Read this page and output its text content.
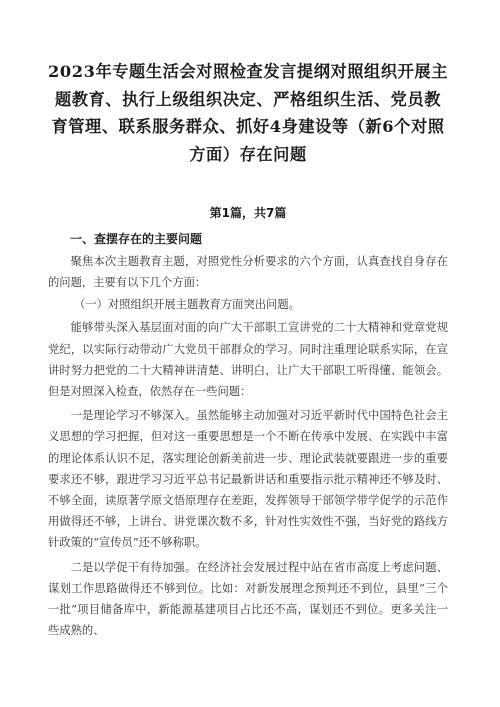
2023年专题生活会对照检查发言提纲对照组织开展主题教育、执行上级组织决定、严格组织生活、党员教育管理、联系服务群众、抓好4身建设等（新6个对照方面）存在问题
第1篇，共7篇
一、查摆存在的主要问题

聚焦本次主题教育主题，对照党性分析要求的六个方面，认真查找自身存在的问题，主要有以下几个方面：

（一）对照组织开展主题教育方面突出问题。

能够带头深入基层面对面的向广大干部职工宣讲党的二十大精神和党章党规党纪，以实际行动带动广大党员干部群众的学习。同时注重理论联系实际，在宣讲时努力把党的二十大精神讲清楚、讲明白，让广大干部职工听得懂、能领会。但是对照深入检查，依然存在一些问题：

一是理论学习不够深入。虽然能够主动加强对习近平新时代中国特色社会主义思想的学习把握，但对这一重要思想是一个不断在传承中发展、在实践中丰富的理论体系认识不足，落实理论创新美前进一步、理论武装就要跟进一步的重要要求还不够，跟进学习习近平总书记最新讲话和重要指示批示精神还不够及时、不够全面，读原著学原文悟原理存在差距，发挥领导干部领学带学促学的示范作用做得还不够，上讲台、讲党课次数不多，针对性实效性不强，当好党的路线方针政策的“宣传员”还不够称职。

二是以学促干有待加强。在经济社会发展过程中站在省市高度上考虑问题、谋划工作思路做得还不够到位。比如：对新发展理念预判还不到位，县里“三个一批”项目储备库中，新能源基建项目占比还不高，谋划还不到位。更多关注一些成熟的、
